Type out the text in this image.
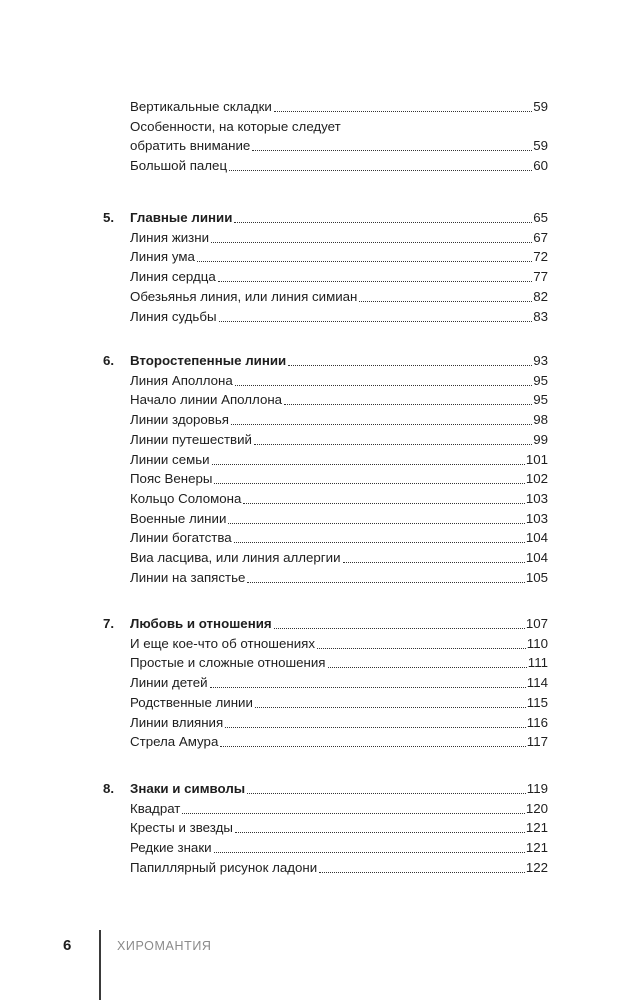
Вертикальные складки	59
Особенности, на которые следует
обратить внимание	59
Большой палец	60
5.	Главные линии	65
Линия жизни	67
Линия ума	72
Линия сердца	77
Обезьянья линия, или линия симиан	82
Линия судьбы	83
6.	Второстепенные линии	93
Линия Аполлона	95
Начало линии Аполлона	95
Линии здоровья	98
Линии путешествий	99
Линии семьи	101
Пояс Венеры	102
Кольцо Соломона	103
Военные линии	103
Линии богатства	104
Виа ласцива, или линия аллергии	104
Линии на запястье	105
7.	Любовь и отношения	107
И еще кое-что об отношениях	110
Простые и сложные отношения	111
Линии детей	114
Родственные линии	115
Линии влияния	116
Стрела Амура	117
8.	Знаки и символы	119
Квадрат	120
Кресты и звезды	121
Редкие знаки	121
Папиллярный рисунок ладони	122
6	ХИРОМАНТИЯ
